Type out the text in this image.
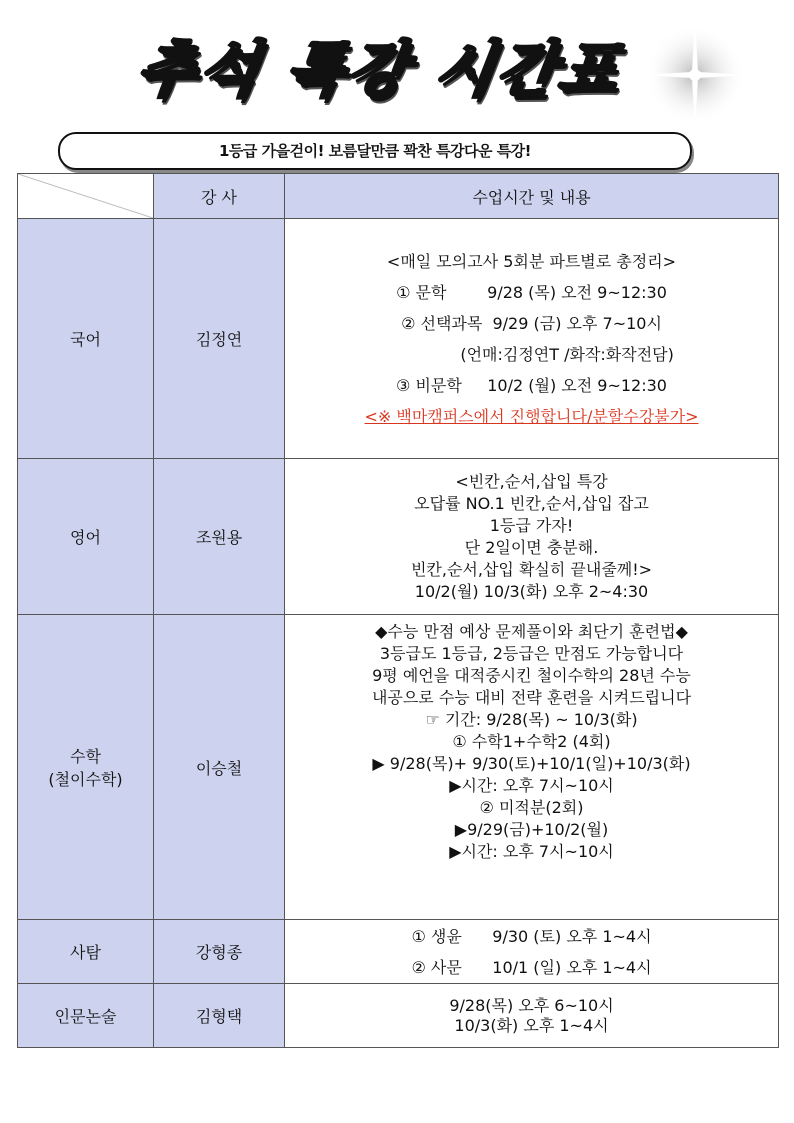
추석 특강 시간표
1등급 가을걷이! 보름달만큼 꽉찬 특강다운 특강!
강 사	수업시간 및 내용
국어	김정연
<매일 모의고사 5회분 파트별로 총정리>
① 문학        9/28 (목) 오전 9~12:30
② 선택과목  9/29 (금) 오후 7~10시
(언매:김정연T /화작:화작전담)
③ 비문학     10/2 (월) 오전 9~12:30
<※ 백마캠퍼스에서 진행합니다/분할수강불가>
영어	조원용
<빈칸,순서,삽입 특강
오답률 NO.1 빈칸,순서,삽입 잡고
1등급 가자!
단 2일이면 충분해.
빈칸,순서,삽입 확실히 끝내줄께!>
10/2(월) 10/3(화) 오후 2~4:30
수학
(철이수학)
이승철
◆수능 만점 예상 문제풀이와 최단기 훈련법◆
3등급도 1등급, 2등급은 만점도 가능합니다
9평 예언을 대적중시킨 철이수학의 28년 수능
내공으로 수능 대비 전략 훈련을 시켜드립니다
☞ 기간: 9/28(목) ~ 10/3(화)
① 수학1+수학2 (4회)
▶ 9/28(목)+ 9/30(토)+10/1(일)+10/3(화)
▶시간: 오후 7시~10시
② 미적분(2회)
▶9/29(금)+10/2(월)
▶시간: 오후 7시~10시
사탐	강형종
① 생윤      9/30 (토) 오후 1~4시
② 사문      10/1 (일) 오후 1~4시
인문논술	김형택
9/28(목) 오후 6~10시
10/3(화) 오후 1~4시
